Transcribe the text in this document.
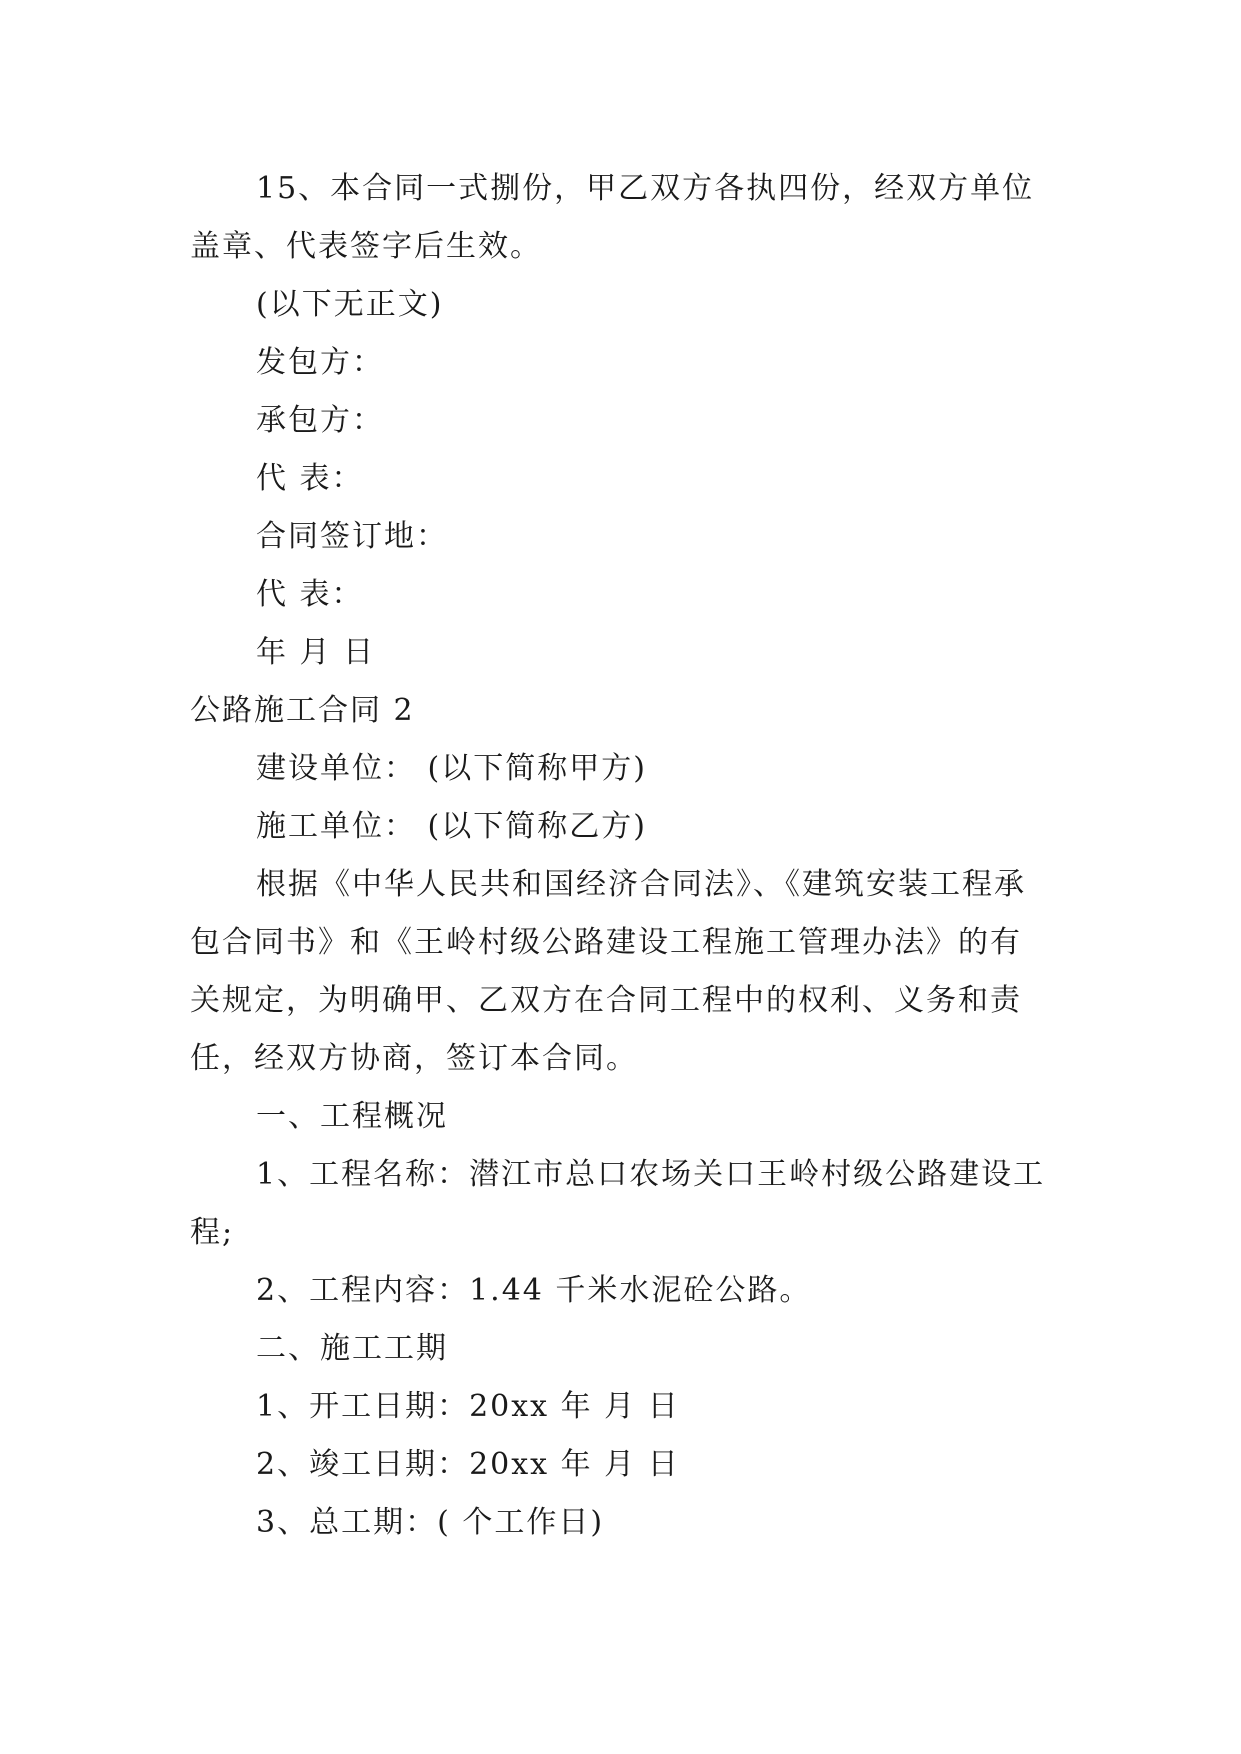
15、本合同一式捌份，甲乙双方各执四份，经双方单位盖章、代表签字后生效。

(以下无正文)

发包方：

承包方：

代 表：

合同签订地：

代 表：

年 月 日

公路施工合同 2

建设单位： (以下简称甲方)

施工单位： (以下简称乙方)

根据《中华人民共和国经济合同法》、《建筑安装工程承包合同书》和《王岭村级公路建设工程施工管理办法》的有关规定，为明确甲、乙双方在合同工程中的权利、义务和责任，经双方协商，签订本合同。

一、工程概况

1、工程名称：潜江市总口农场关口王岭村级公路建设工程;

2、工程内容：1.44 千米水泥砼公路。

二、施工工期

1、开工日期：20xx 年 月 日

2、竣工日期：20xx 年 月 日

3、总工期：( 个工作日)
